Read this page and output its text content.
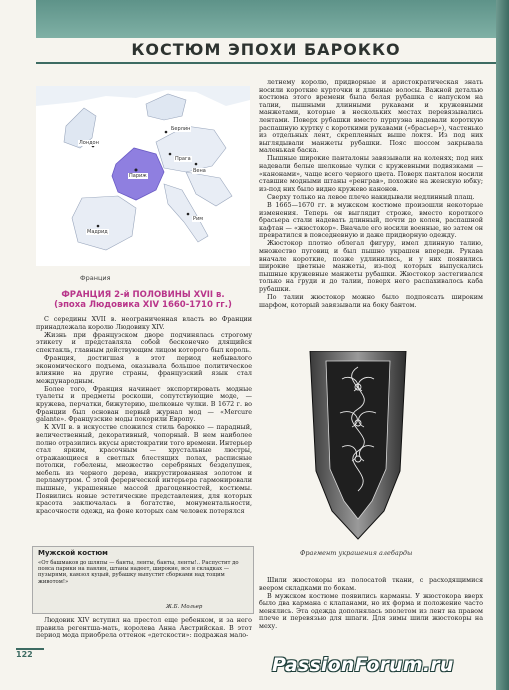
КОСТЮМ ЭПОХИ БАРОККО
Лондон
Берлин
Париж
Прага
Вена
Мадрид
Рим
Франция
ФРАНЦИЯ 2-й ПОЛОВИНЫ XVII в.
(эпоха Людовика XIV 1660-1710 гг.)

С середины XVII в. неограниченная власть во Франции принадлежала королю Людовику XIV.

Жизнь при французском дворе подчинялась строгому этикету и представляла собой бесконечно длящийся спектакль, главным действующим лицом которого был король.

Франция, достигшая в этот период небывалого экономического подъема, оказывала большое политическое влияние на другие страны, французский язык стал международным.

Более того, Франция начинает экспортировать модные туалеты и предметы роскоши, сопутствующие моде, — кружева, перчатки, бижутерию, шелковые чулки. В 1672 г. во Франции был основан первый журнал мод — «Mercure galante». Французские моды покорили Европу.

К XVII в. в искусстве сложился стиль барокко — парадный, величественный, декоративный, чопорный. В нем наиболее полно отразились вкусы аристократии того времени. Интерьер стал ярким, красочным — хрустальные люстры, отражающиеся в светлых блестящих полах, расписные потолки, гобелены, множество серебряных безделушек, мебель из черного дерева, инкрустированная золотом и перламутром. С этой ферерической интерьера гармонировали пышные, украшенные массой драгоценностей, костюмы. Появились новые эстетические представления, для которых красота заключалась в богатстве, монументальности, красочности одежд, на фоне которых сам человек потерялся

Мужской костюм
«От башмаков до шляпы — банты, ленты, банты, ленты!.. Распустит до пояса парики на павлин, штаны надеет, широкие, все в складках — пузырями, камзол куцый, рубашку выпустит сборками над тощим животом!»
Ж.Б. Мольер

Людовик XIV вступил на престол еще ребенком, и за него правила регентша-мать, королева Анна Австрийская. В этот период мода приобрела оттенок «детскости»: подражая мало-

летнему королю, придворные и аристократическая знать носили короткие курточки и длинные волосы. Важной деталью костюма этого времени была белая рубашка с напуском на талии, пышными длинными рукавами и кружевными манжетами, которые в нескольких местах перевязывались лентами. Поверх рубашки вместо пурпуэна надевали короткую распашную куртку с короткими рукавами («брасьер»), частенько из отдельных лент, скрепленных выше локтя. Из под них выглядывали манжеты рубашки. Пояс шоссом закрывала маленькая баска.

Пышные широкие панталоны завязывали на коленях; под них надевали белые шелковые чулки с кружевными подвязками — «канонами», чаще всего черного цвета. Поверх панталон носили ставшие модными штаны «ренграв», похожие на женскую юбку; из-под них было видно кружево канонов.

Сверху только на левое плечо накидывали недлинный плащ.

В 1665—1670 гг. в мужском костюме произошли некоторые изменения. Теперь он выглядит строже, вместо короткого брасьера стали надевать длинный, почти до колен, распашной кафтан — «жюстокор». Вначале его носили военные, но затем он превратился в повседневную и даже придворную одежду.

Жюстокор плотно облегал фигуру, имел длинную талию, множество пуговиц и был пышно украшен впереди. Рукава вначале короткие, позже удлинились, и у них появились широкие цветные манжеты, из-под которых выпускались пышные кружевные манжеты рубашки. Жюстокор застегивался только на груди и до талии, поверх него распахивалось каба рубашки.

По талии жюстокор можно было подпоясать широким шарфом, который завязывали на боку бантом.

Фрагмент украшения алебарды

Шили жюстокоры из полосатой ткани, с расходящимися веером складками по бокам.

В мужском костюме появились карманы. У жюстокора вверх было два кармана с клапанами, но их форма и положение часто менялись. Эта одежда дополнялась эполетом из лент на правом плече и перевязью для шпаги. Для зимы шили жюстокоры на меху.

122	PassionForum.ru
